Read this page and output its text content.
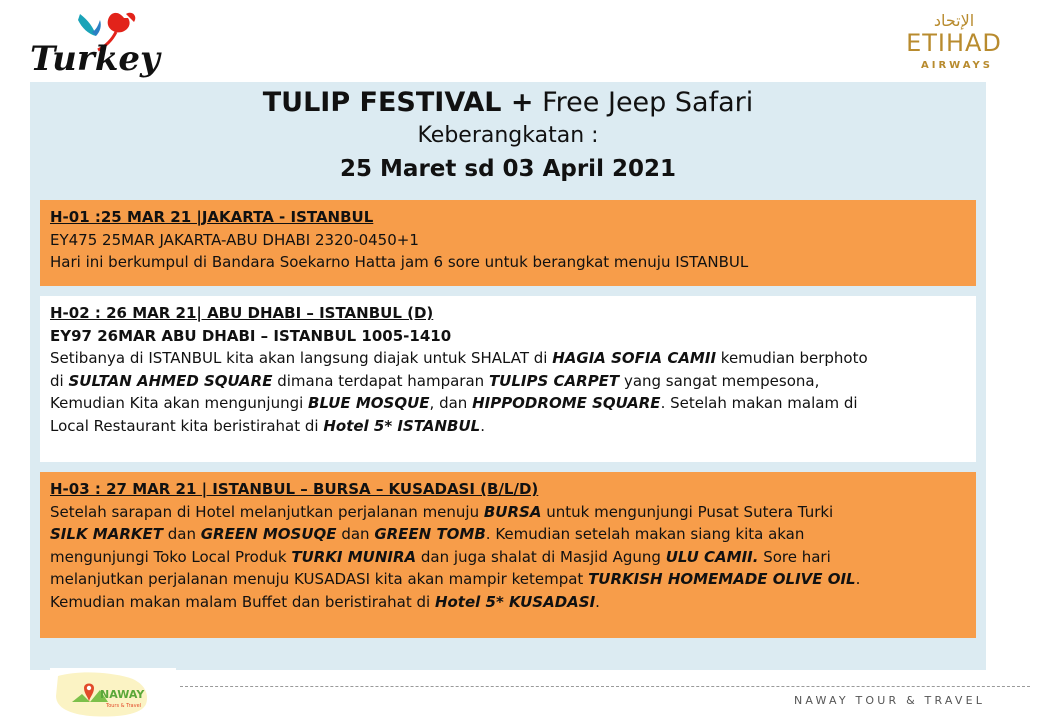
Turkey
الإتحاد
ETIHAD
AIRWAYS
TULIP FESTIVAL + Free Jeep Safari
Keberangkatan :
25 Maret sd 03 April 2021
H-01 :25 MAR 21 |JAKARTA - ISTANBUL
EY475 25MAR JAKARTA-ABU DHABI 2320-0450+1
Hari ini berkumpul di Bandara Soekarno Hatta jam 6 sore untuk berangkat menuju ISTANBUL
H-02 : 26 MAR 21| ABU DHABI – ISTANBUL (D)
EY97 26MAR ABU DHABI – ISTANBUL 1005-1410
Setibanya di ISTANBUL kita akan langsung diajak untuk SHALAT di HAGIA SOFIA CAMII kemudian berphoto
di SULTAN AHMED SQUARE dimana terdapat hamparan TULIPS CARPET yang sangat mempesona,
Kemudian Kita akan mengunjungi BLUE MOSQUE, dan HIPPODROME SQUARE. Setelah makan malam di
Local Restaurant kita beristirahat di Hotel 5* ISTANBUL.
H-03 : 27 MAR 21 | ISTANBUL – BURSA – KUSADASI (B/L/D)
Setelah sarapan di Hotel melanjutkan perjalanan menuju BURSA untuk mengunjungi Pusat Sutera Turki
SILK MARKET dan GREEN MOSUQE dan GREEN TOMB. Kemudian setelah makan siang kita akan
mengunjungi Toko Local Produk TURKI MUNIRA dan juga shalat di Masjid Agung ULU CAMII. Sore hari
melanjutkan perjalanan menuju KUSADASI kita akan mampir ketempat TURKISH HOMEMADE OLIVE OIL.
Kemudian makan malam Buffet dan beristirahat di Hotel 5* KUSADASI.
NAWAY
Tours & Travel	NAWAY TOUR & TRAVEL
